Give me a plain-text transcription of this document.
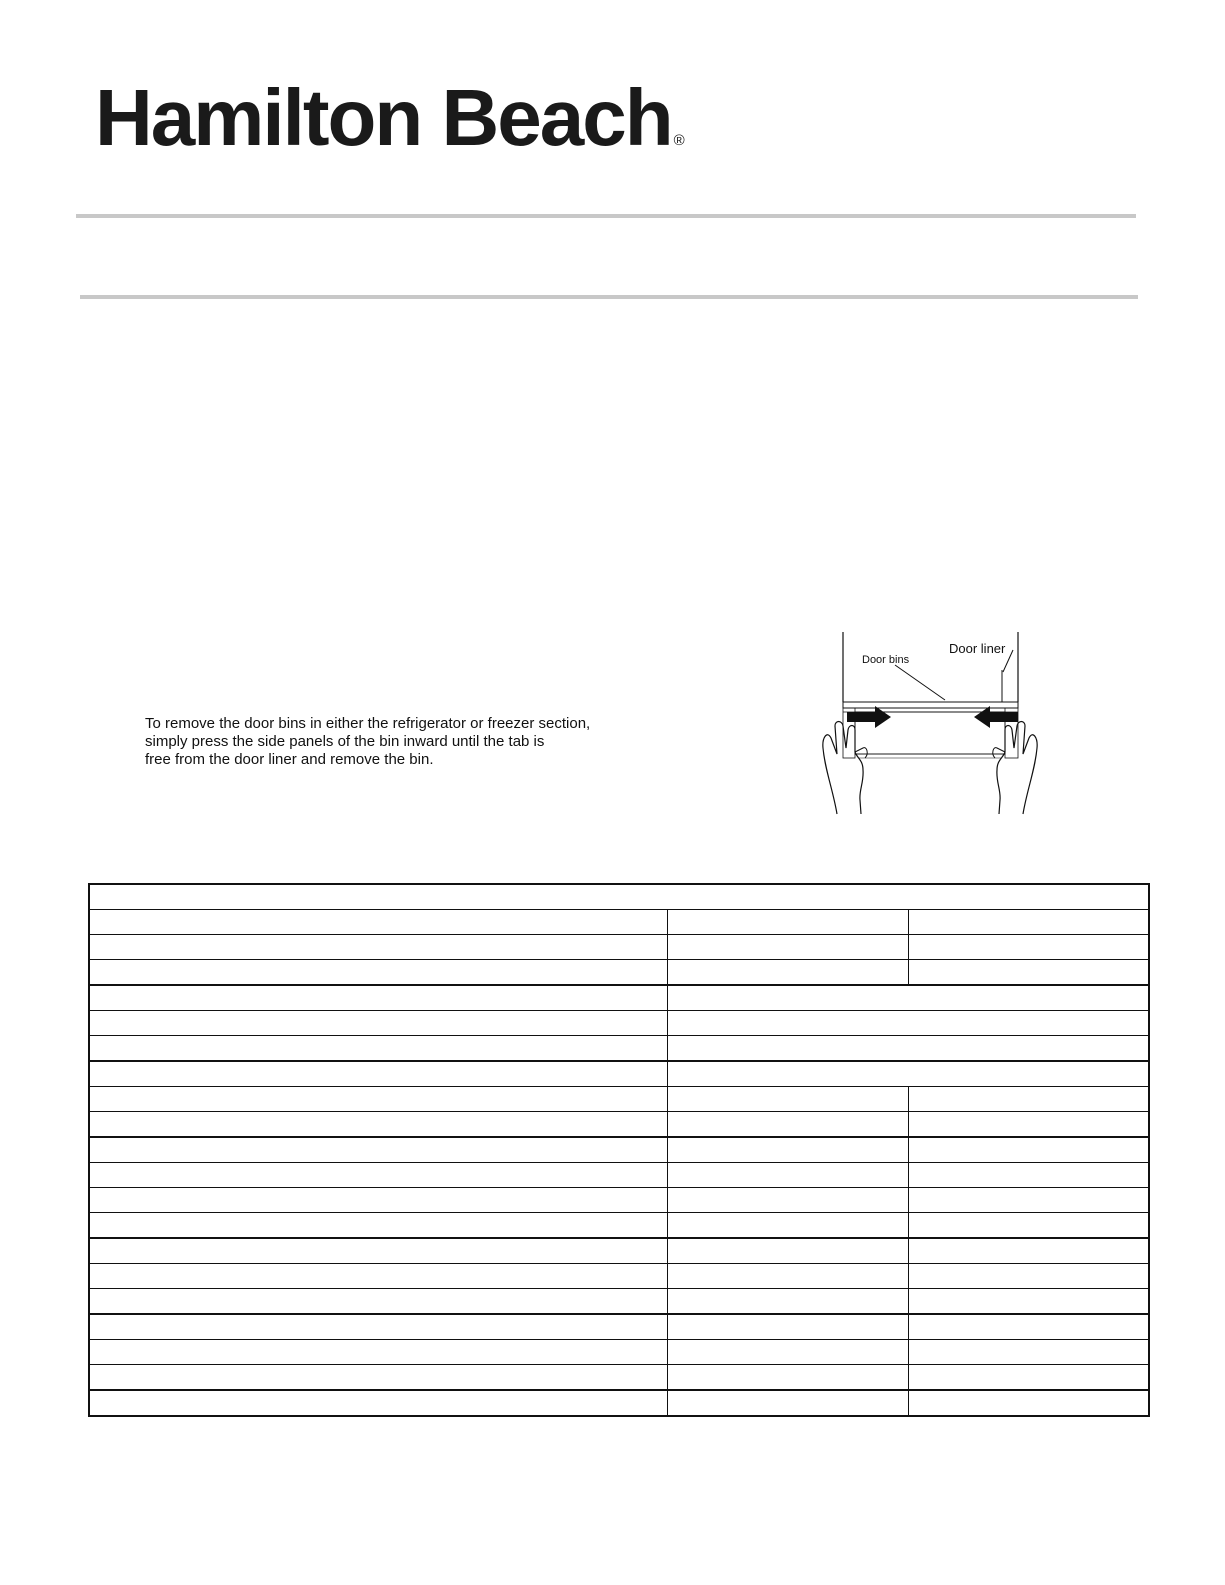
Hamilton Beach ®
To remove the door bins in either the refrigerator or freezer section,
simply press the side panels of the bin inward until the tab is
free from the door liner and remove the bin.
Door bins
Door liner
